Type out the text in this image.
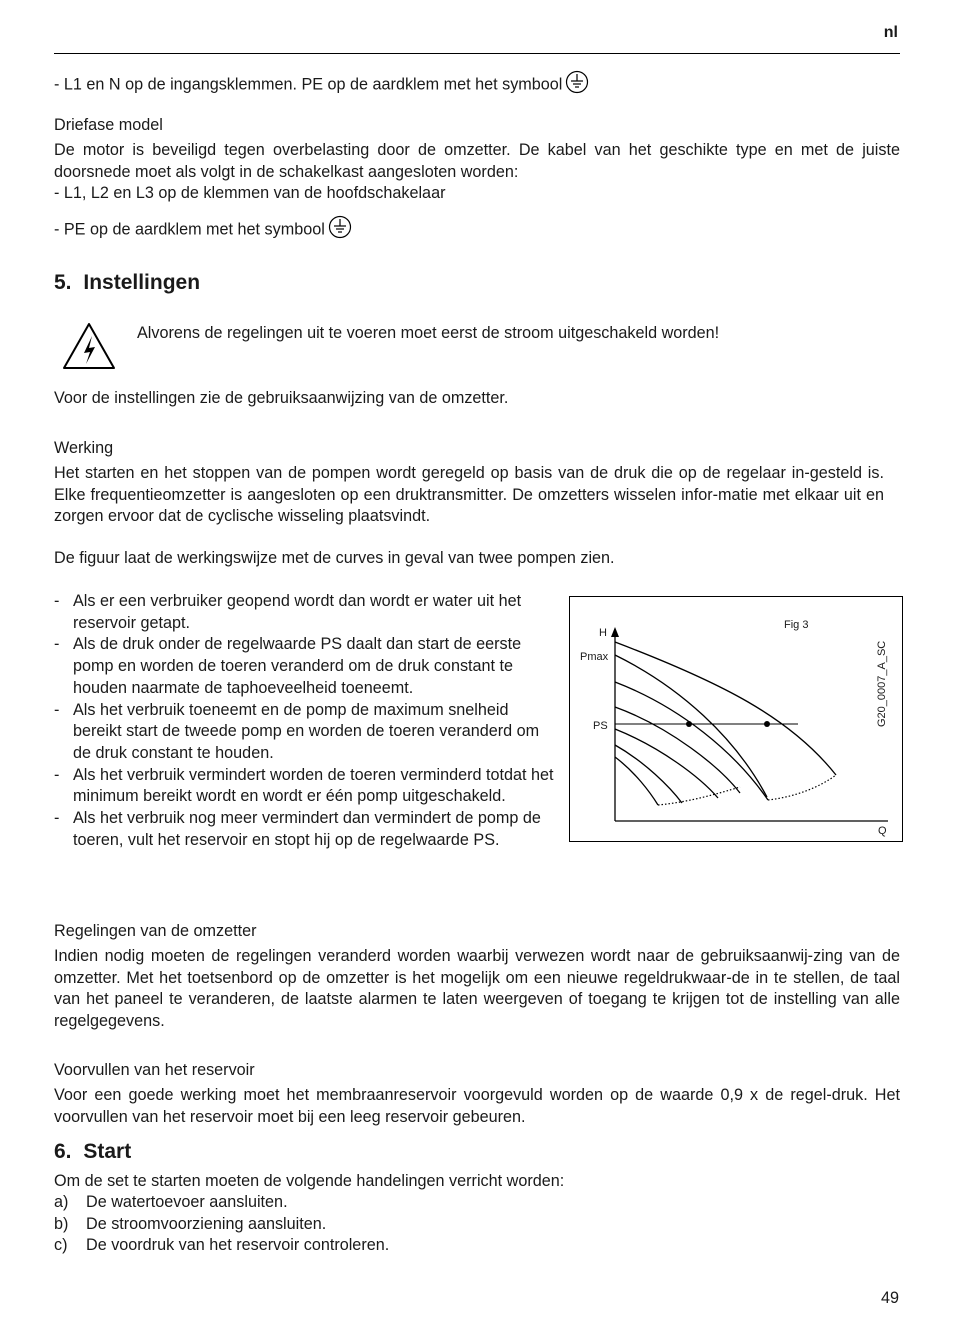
nl
- L1 en N op de ingangsklemmen. PE op de aardklem met het symbool
Driefase model
De motor is beveiligd tegen overbelasting door de omzetter. De kabel van het geschikte type en met de juiste doorsnede moet als volgt in de schakelkast aangesloten worden:
- L1, L2 en L3 op de klemmen van de hoofdschakelaar
- PE op de aardklem met het symbool
5. Instellingen
Alvorens de regelingen uit te voeren moet eerst de stroom uitgeschakeld worden!
Voor de instellingen zie de gebruiksaanwijzing van de omzetter.
Werking
Het starten en het stoppen van de pompen wordt geregeld op basis van de druk die op de regelaar in-gesteld is. Elke frequentieomzetter is aangesloten op een druktransmitter. De omzetters wisselen infor-matie met elkaar uit en zorgen ervoor dat de cyclische wisseling plaatsvindt.
De figuur laat de werkingswijze met de curves in geval van twee pompen zien.
- Als er een verbruiker geopend wordt dan wordt er water uit het reservoir getapt.
- Als de druk onder de regelwaarde PS daalt dan start de eerste pomp en worden de toeren veranderd om de druk constant te houden naarmate de taphoeveelheid toeneemt.
- Als het verbruik toeneemt en de pomp de maximum snelheid bereikt start de tweede pomp en worden de toeren veranderd om de druk constant te houden.
- Als het verbruik vermindert worden de toeren verminderd totdat het minimum bereikt wordt en wordt er één pomp uitgeschakeld.
- Als het verbruik nog meer vermindert dan vermindert de pomp de toeren, vult het reservoir en stopt hij op de regelwaarde PS.
H
Pmax
PS
Fig 3
Q
G20_0007_A_SC
Regelingen van de omzetter
Indien nodig moeten de regelingen veranderd worden waarbij verwezen wordt naar de gebruiksaanwij-zing van de omzetter. Met het toetsenbord op de omzetter is het mogelijk om een nieuwe regeldrukwaar-de in te stellen, de taal van het paneel te veranderen, de laatste alarmen te laten weergeven of toegang te krijgen tot de instelling van alle regelgegevens.
Voorvullen van het reservoir
Voor een goede werking moet het membraanreservoir voorgevuld worden op de waarde 0,9 x de regel-druk. Het voorvullen van het reservoir moet bij een leeg reservoir gebeuren.
6. Start
Om de set te starten moeten de volgende handelingen verricht worden:
a) De watertoevoer aansluiten.
b) De stroomvoorziening aansluiten.
c) De voordruk van het reservoir controleren.
49
